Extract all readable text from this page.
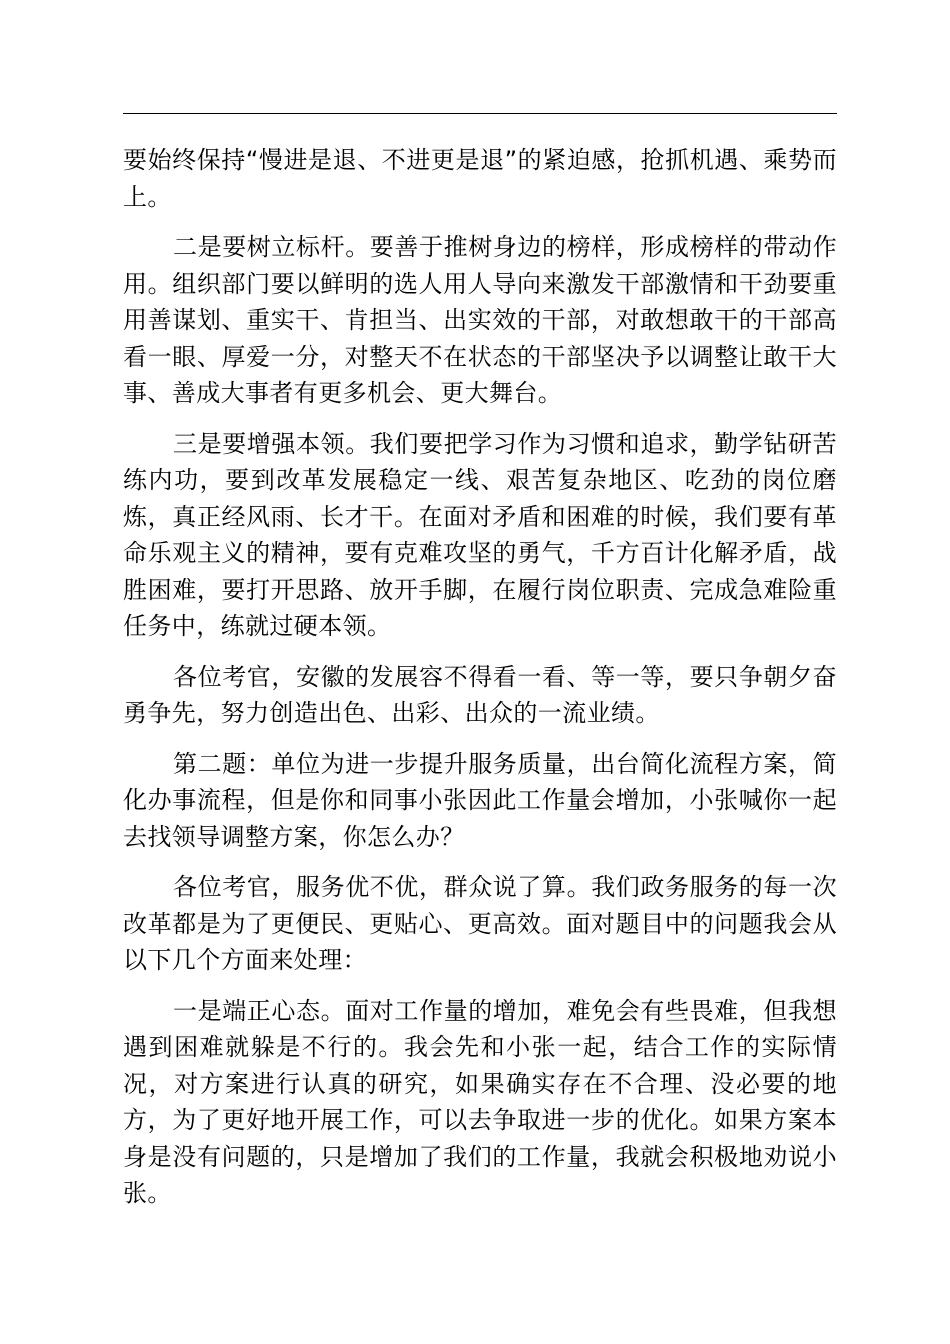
要始终保持“慢进是退、不进更是退”的紧迫感，抢抓机遇、乘势而上。

二是要树立标杆。要善于推树身边的榜样，形成榜样的带动作用。组织部门要以鲜明的选人用人导向来激发干部激情和干劲要重用善谋划、重实干、肯担当、出实效的干部，对敢想敢干的干部高看一眼、厚爱一分，对整天不在状态的干部坚决予以调整让敢干大事、善成大事者有更多机会、更大舞台。

三是要增强本领。我们要把学习作为习惯和追求，勤学钻研苦练内功，要到改革发展稳定一线、艰苦复杂地区、吃劲的岗位磨炼，真正经风雨、长才干。在面对矛盾和困难的时候，我们要有革命乐观主义的精神，要有克难攻坚的勇气，千方百计化解矛盾，战胜困难，要打开思路、放开手脚，在履行岗位职责、完成急难险重任务中，练就过硬本领。

各位考官，安徽的发展容不得看一看、等一等，要只争朝夕奋勇争先，努力创造出色、出彩、出众的一流业绩。

第二题：单位为进一步提升服务质量，出台简化流程方案，简化办事流程，但是你和同事小张因此工作量会增加，小张喊你一起去找领导调整方案，你怎么办？

各位考官，服务优不优，群众说了算。我们政务服务的每一次改革都是为了更便民、更贴心、更高效。面对题目中的问题我会从以下几个方面来处理：

一是端正心态。面对工作量的增加，难免会有些畏难，但我想遇到困难就躲是不行的。我会先和小张一起，结合工作的实际情况，对方案进行认真的研究，如果确实存在不合理、没必要的地方，为了更好地开展工作，可以去争取进一步的优化。如果方案本身是没有问题的，只是增加了我们的工作量，我就会积极地劝说小张。
